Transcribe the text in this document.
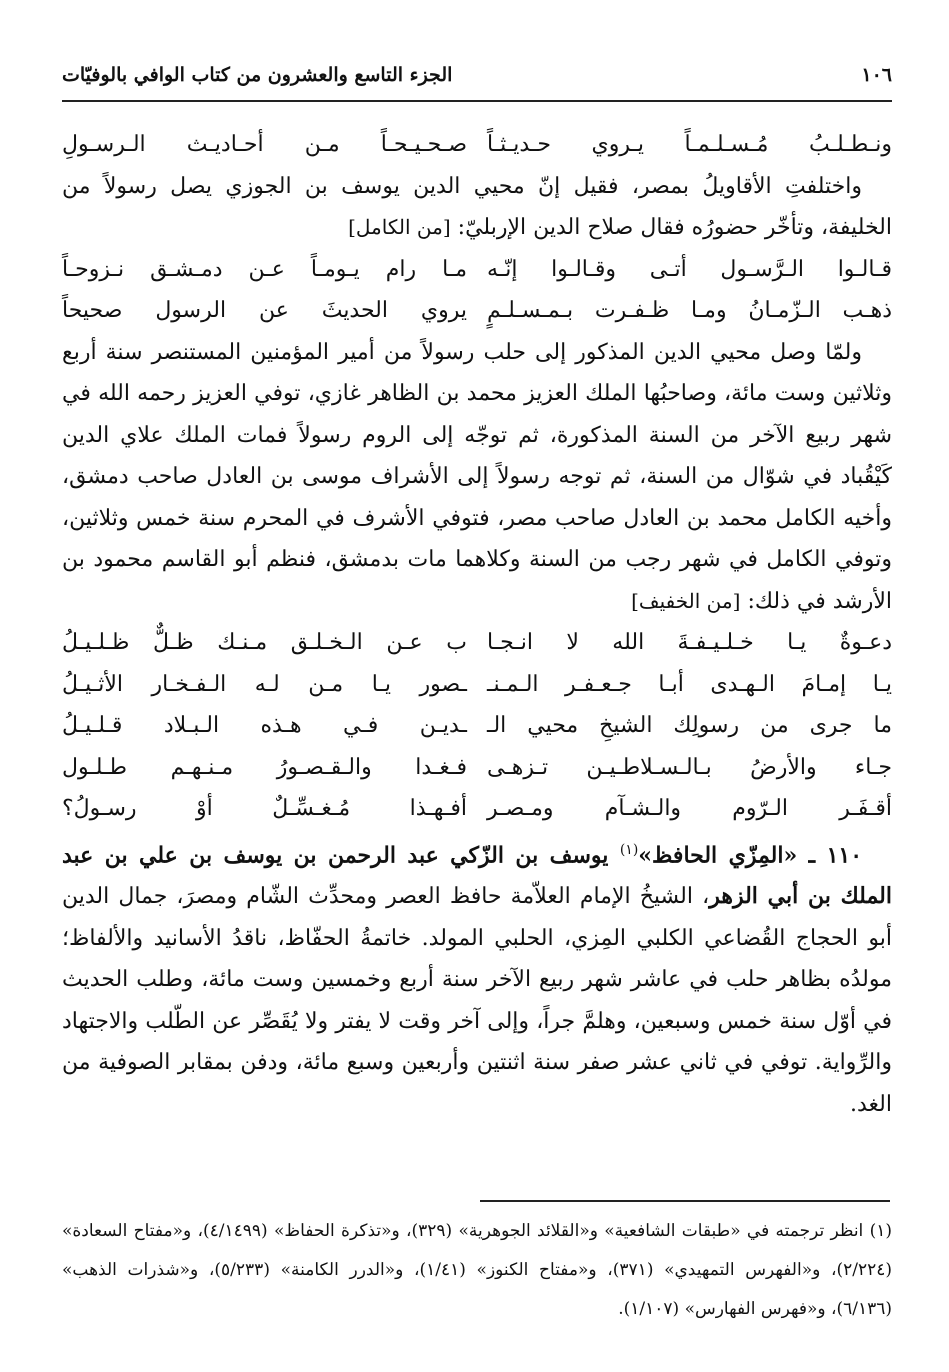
١٠٦
الجزء التاسع والعشرون من كتاب الوافي بالوفيّات
ونـطـلـبُ مُـسـلـمـاً يـروي حـديـثـاً
صـحـيـحـاً مـن أحـاديـث الـرسـولِ

واختلفتِ الأقاويلُ بمصر، فقيل إنّ محيي الدين يوسف بن الجوزي يصل رسولاً من الخليفة، وتأخّر حضورُه فقال صلاح الدين الإربليّ: [من الكامل]

قـالـوا الـرَّسـول أتـى وقـالـوا إنّـه
مـا رام يـومـاً عـن دمـشـق نـزوحـاً
ذهـب الـزّمـانُ ومـا ظـفـرت بـمـسـلـمٍ
يروي الحديثَ عن الرسول صحيحاً

ولمّا وصل محيي الدين المذكور إلى حلب رسولاً من أمير المؤمنين المستنصر سنة أربع وثلاثين وست مائة، وصاحبُها الملك العزيز محمد بن الظاهر غازي، توفي العزيز رحمه الله في شهر ربيع الآخر من السنة المذكورة، ثم توجّه إلى الروم رسولاً فمات الملك علاي الدين كَيْقُباد في شوّال من السنة، ثم توجه رسولاً إلى الأشراف موسى بن العادل صاحب دمشق، وأخيه الكامل محمد بن العادل صاحب مصر، فتوفي الأشرف في المحرم سنة خمس وثلاثين، وتوفي الكامل في شهر رجب من السنة وكلاهما مات بدمشق، فنظم أبو القاسم محمود بن الأرشد في ذلك: [من الخفيف]

دعـوةٌ يـا خـلـيـفـةَ الله لا انـجـا
ب عـن الـخـلـق مـنـك ظـلٌّ ظـلـيـلُ
يـا إمـامَ الـهـدى أبـا جـعـفـر الـمـنـ
ـصور يـا مـن لـه الـفـخـار الأثـيـلُ
ما جرى من رسولِك الشيخِ محيي الـ
ـديـن فـي هـذه الـبـلاد قـلـيـلُ
جـاء والأرضُ بـالـسـلاطـيـن تـزهـى
فـغـدا والـقـصـورُ مـنـهـم طـلـول
أقـفَـر الـرّوم والـشـآم ومـصـر
أفـهـذا مُـغـسِّـلٌ أوْ رسـولُ؟

١١٠ ـ «المِزّي الحافظ»$^{(١)}$ يوسف بن الزّكي عبد الرحمن بن يوسف بن علي بن عبد الملك بن أبي الزهر، الشيخُ الإمام العلاّمة حافظ العصر ومحدِّث الشّام ومصرَ، جمال الدين أبو الحجاج القُضاعي الكلبي المِزي، الحلبي المولد. خاتمةُ الحفّاظ، ناقدُ الأسانيد والألفاظ؛ مولدُه بظاهر حلب في عاشر شهر ربيع الآخر سنة أربع وخمسين وست مائة، وطلب الحديث في أوّل سنة خمس وسبعين، وهلمَّ جراً، وإلى آخر وقت لا يفتر ولا يُقَصِّر عن الطّلب والاجتهاد والرِّواية. توفي في ثاني عشر صفر سنة اثنتين وأربعين وسبع مائة، ودفن بمقابر الصوفية من الغد.

(١) انظر ترجمته في «طبقات الشافعية» و«القلائد الجوهرية» (٣٢٩)، و«تذكرة الحفاظ» (٤/١٤٩٩)، و«مفتاح السعادة» (٢/٢٢٤)، و«الفهرس التمهيدي» (٣٧١)، و«مفتاح الكنوز» (١/٤١)، و«الدرر الكامنة» (٥/٢٣٣)، و«شذرات الذهب» (٦/١٣٦)، و«فهرس الفهارس» (١/١٠٧).
